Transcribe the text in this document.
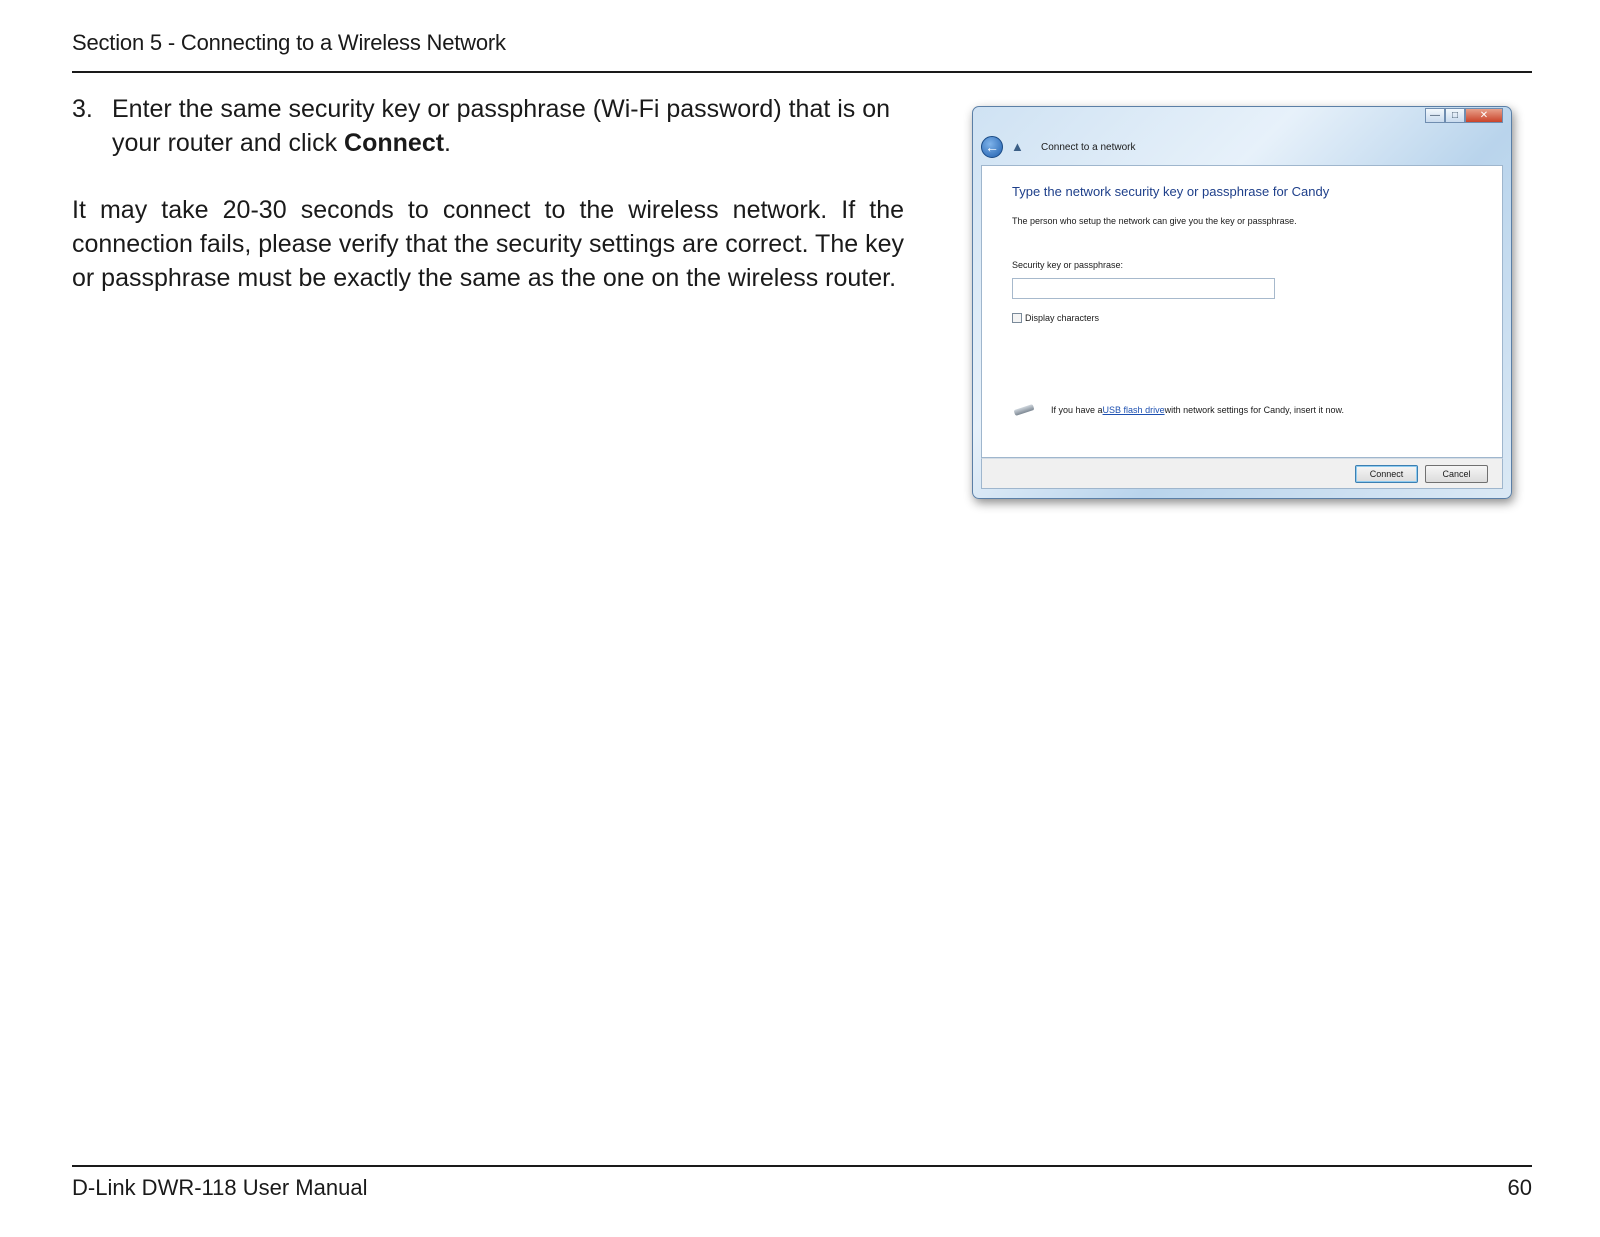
Section 5 - Connecting to a Wireless Network
3. Enter the same security key or passphrase (Wi-Fi password) that is on your router and click Connect.
It may take 20-30 seconds to connect to the wireless network. If the connection fails, please verify that the security settings are correct. The key or passphrase must be exactly the same as the one on the wireless router.
—	□	✕
← ▲	Connect to a network
Type the network security key or passphrase for Candy
The person who setup the network can give you the key or passphrase.
Security key or passphrase:
Display characters
If you have a USB flash drive with network settings for Candy, insert it now.
Connect	Cancel
D-Link DWR-118 User Manual	60
